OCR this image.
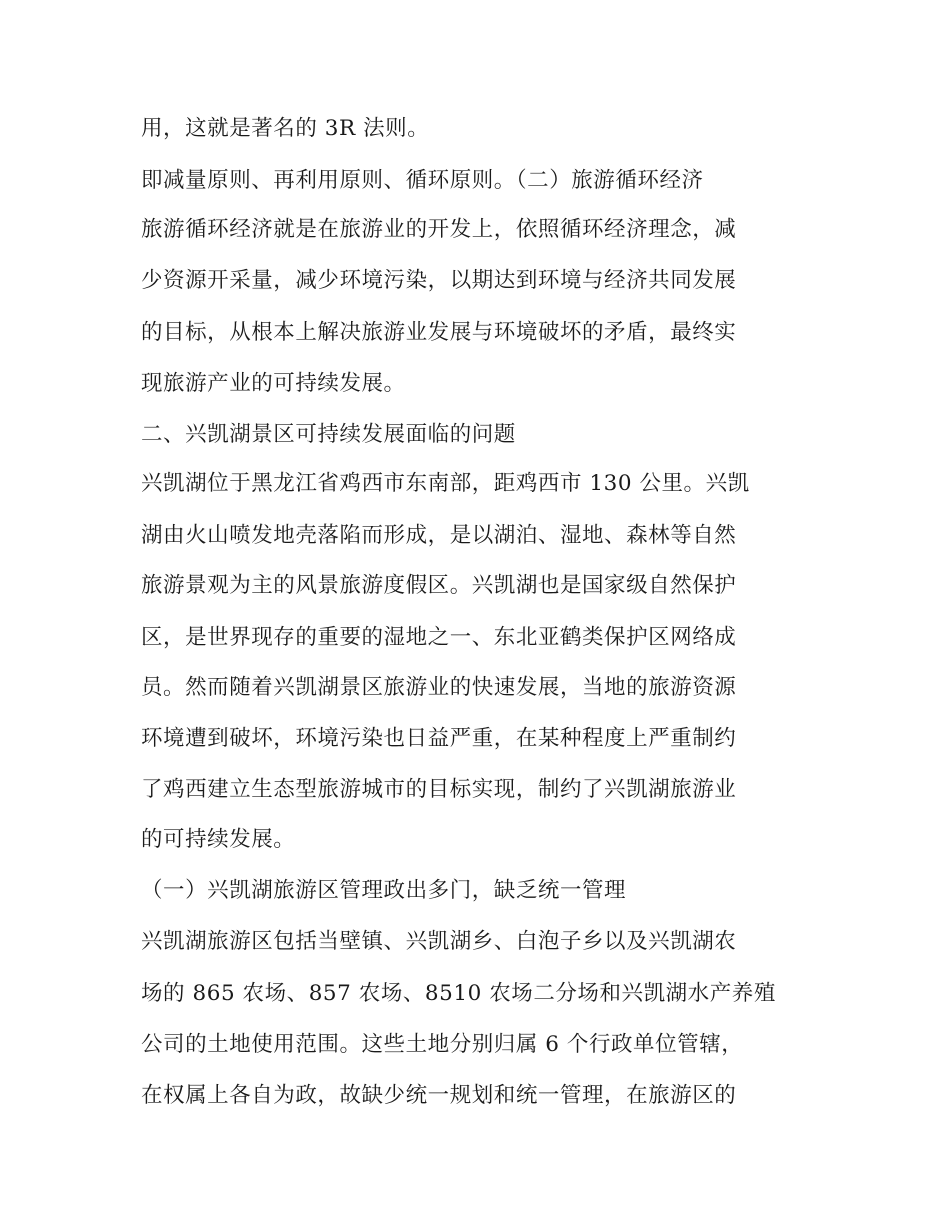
用，这就是著名的 3R 法则。

即减量原则、再利用原则、循环原则。（二）旅游循环经济

旅游循环经济就是在旅游业的开发上，依照循环经济理念，减

少资源开采量，减少环境污染，以期达到环境与经济共同发展

的目标，从根本上解决旅游业发展与环境破坏的矛盾，最终实

现旅游产业的可持续发展。

二、兴凯湖景区可持续发展面临的问题

兴凯湖位于黑龙江省鸡西市东南部，距鸡西市 130 公里。兴凯

湖由火山喷发地壳落陷而形成，是以湖泊、湿地、森林等自然

旅游景观为主的风景旅游度假区。兴凯湖也是国家级自然保护

区，是世界现存的重要的湿地之一、东北亚鹤类保护区网络成

员。然而随着兴凯湖景区旅游业的快速发展，当地的旅游资源

环境遭到破坏，环境污染也日益严重，在某种程度上严重制约

了鸡西建立生态型旅游城市的目标实现，制约了兴凯湖旅游业

的可持续发展。

（一）兴凯湖旅游区管理政出多门，缺乏统一管理

兴凯湖旅游区包括当壁镇、兴凯湖乡、白泡子乡以及兴凯湖农

场的 865 农场、857 农场、8510 农场二分场和兴凯湖水产养殖

公司的土地使用范围。这些土地分别归属 6 个行政单位管辖，

在权属上各自为政，故缺少统一规划和统一管理，在旅游区的
